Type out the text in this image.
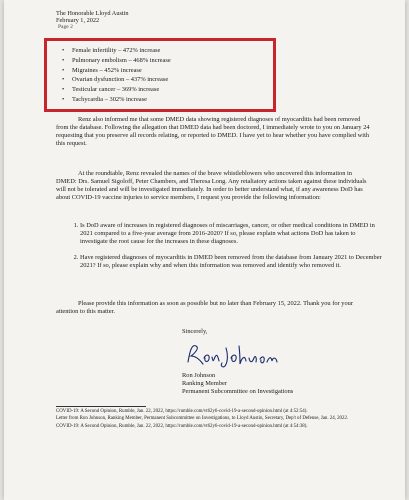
The Honorable Lloyd Austin
February 1, 2022
Page 2
• Female infertility – 472% increase
• Pulmonary embolism – 468% increase
• Migraines – 452% increase
• Ovarian dysfunction – 437% increase
• Testicular cancer – 369% increase
• Tachycardia – 302% increase

Renz also informed me that some DMED data showing registered diagnoses of myocarditis had been removed from the database. Following the allegation that DMED data had been doctored, I immediately wrote to you on January 24 requesting that you preserve all records relating, or reported to DMED. I have yet to hear whether you have complied with this request.

At the roundtable, Renz revealed the names of the brave whistleblowers who uncovered this information in DMED: Drs. Samuel Sigoloff, Peter Chambers, and Theresa Long. Any retaliatory actions taken against these individuals will not be tolerated and will be investigated immediately. In order to better understand what, if any awareness DoD has about COVID-19 vaccine injuries to service members, I request you provide the following information:

1. Is DoD aware of increases in registered diagnoses of miscarriages, cancer, or other medical conditions in DMED in 2021 compared to a five-year average from 2016-2020? If so, please explain what actions DoD has taken to investigate the root cause for the increases in these diagnoses.
2. Have registered diagnoses of myocarditis in DMED been removed from the database from January 2021 to December 2021? If so, please explain why and when this information was removed and identify who removed it.

Please provide this information as soon as possible but no later than February 15, 2022. Thank you for your attention to this matter.

Sincerely,
Ron Johnson
Ranking Member
Permanent Subcommittee on Investigations
COVID-19: A Second Opinion, Rumble, Jan. 22, 2022, https://rumble.com/vt62y6-covid-19-a-second-opinion.html (at 4:52:54).
Letter from Ron Johnson, Ranking Member, Permanent Subcommittee on Investigations, to Lloyd Austin, Secretary, Dep't of Defense, Jan. 24, 2022.
COVID-19: A Second Opinion, Rumble, Jan. 22, 2022, https://rumble.com/vt62y6-covid-19-a-second-opinion.html (at 4:54:38).
